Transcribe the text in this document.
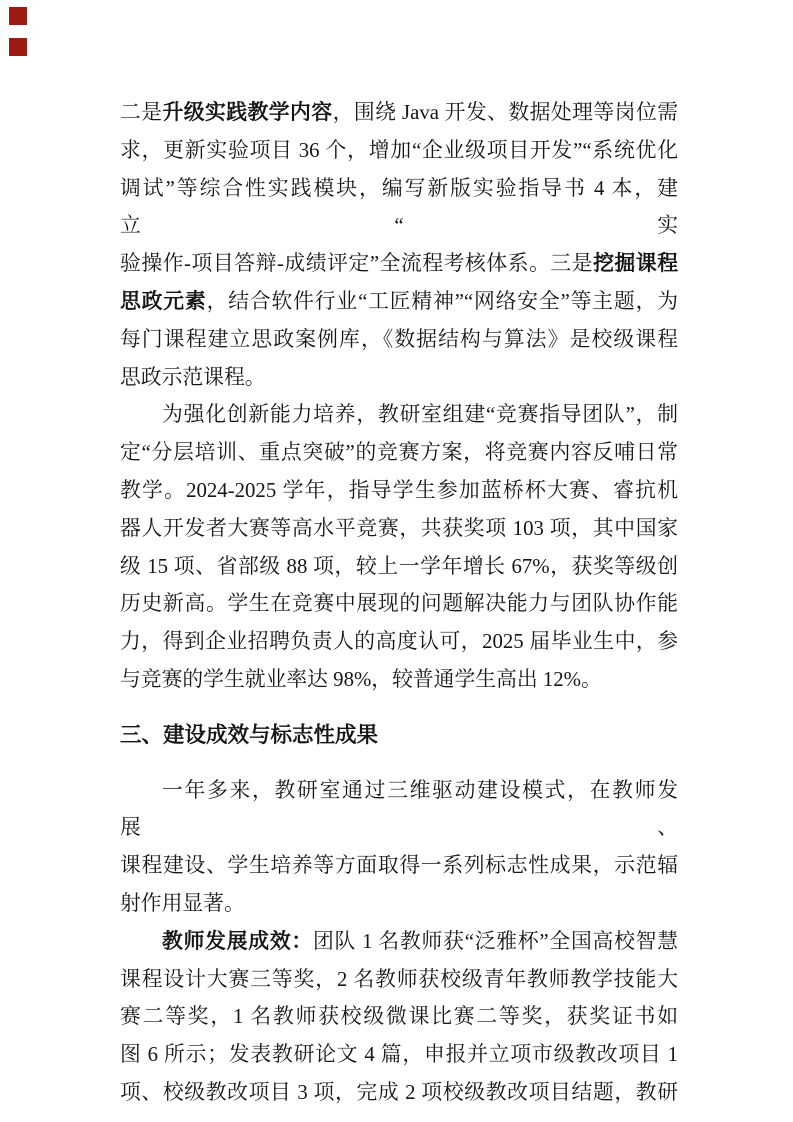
二是升级实践教学内容，围绕 Java 开发、数据处理等岗位需
求，更新实验项目 36 个，增加“企业级项目开发”“系统优化
调试”等综合性实践模块，编写新版实验指导书 4 本，建立“实
验操作-项目答辩-成绩评定”全流程考核体系。三是挖掘课程
思政元素，结合软件行业“工匠精神”“网络安全”等主题，为
每门课程建立思政案例库，《数据结构与算法》是校级课程
思政示范课程。
为强化创新能力培养，教研室组建“竞赛指导团队”，制
定“分层培训、重点突破”的竞赛方案，将竞赛内容反哺日常
教学。2024-2025 学年，指导学生参加蓝桥杯大赛、睿抗机
器人开发者大赛等高水平竞赛，共获奖项 103 项，其中国家
级 15 项、省部级 88 项，较上一学年增长 67%，获奖等级创
历史新高。学生在竞赛中展现的问题解决能力与团队协作能
力，得到企业招聘负责人的高度认可，2025 届毕业生中，参
与竞赛的学生就业率达 98%，较普通学生高出 12%。
三、建设成效与标志性成果
一年多来，教研室通过三维驱动建设模式，在教师发展、
课程建设、学生培养等方面取得一系列标志性成果，示范辐
射作用显著。
教师发展成效：团队 1 名教师获“泛雅杯”全国高校智慧
课程设计大赛三等奖，2 名教师获校级青年教师教学技能大
赛二等奖，1 名教师获校级微课比赛二等奖，获奖证书如
图 6 所示；发表教研论文 4 篇，申报并立项市级教改项目 1
项、校级教改项目 3 项，完成 2 项校级教改项目结题，教研
